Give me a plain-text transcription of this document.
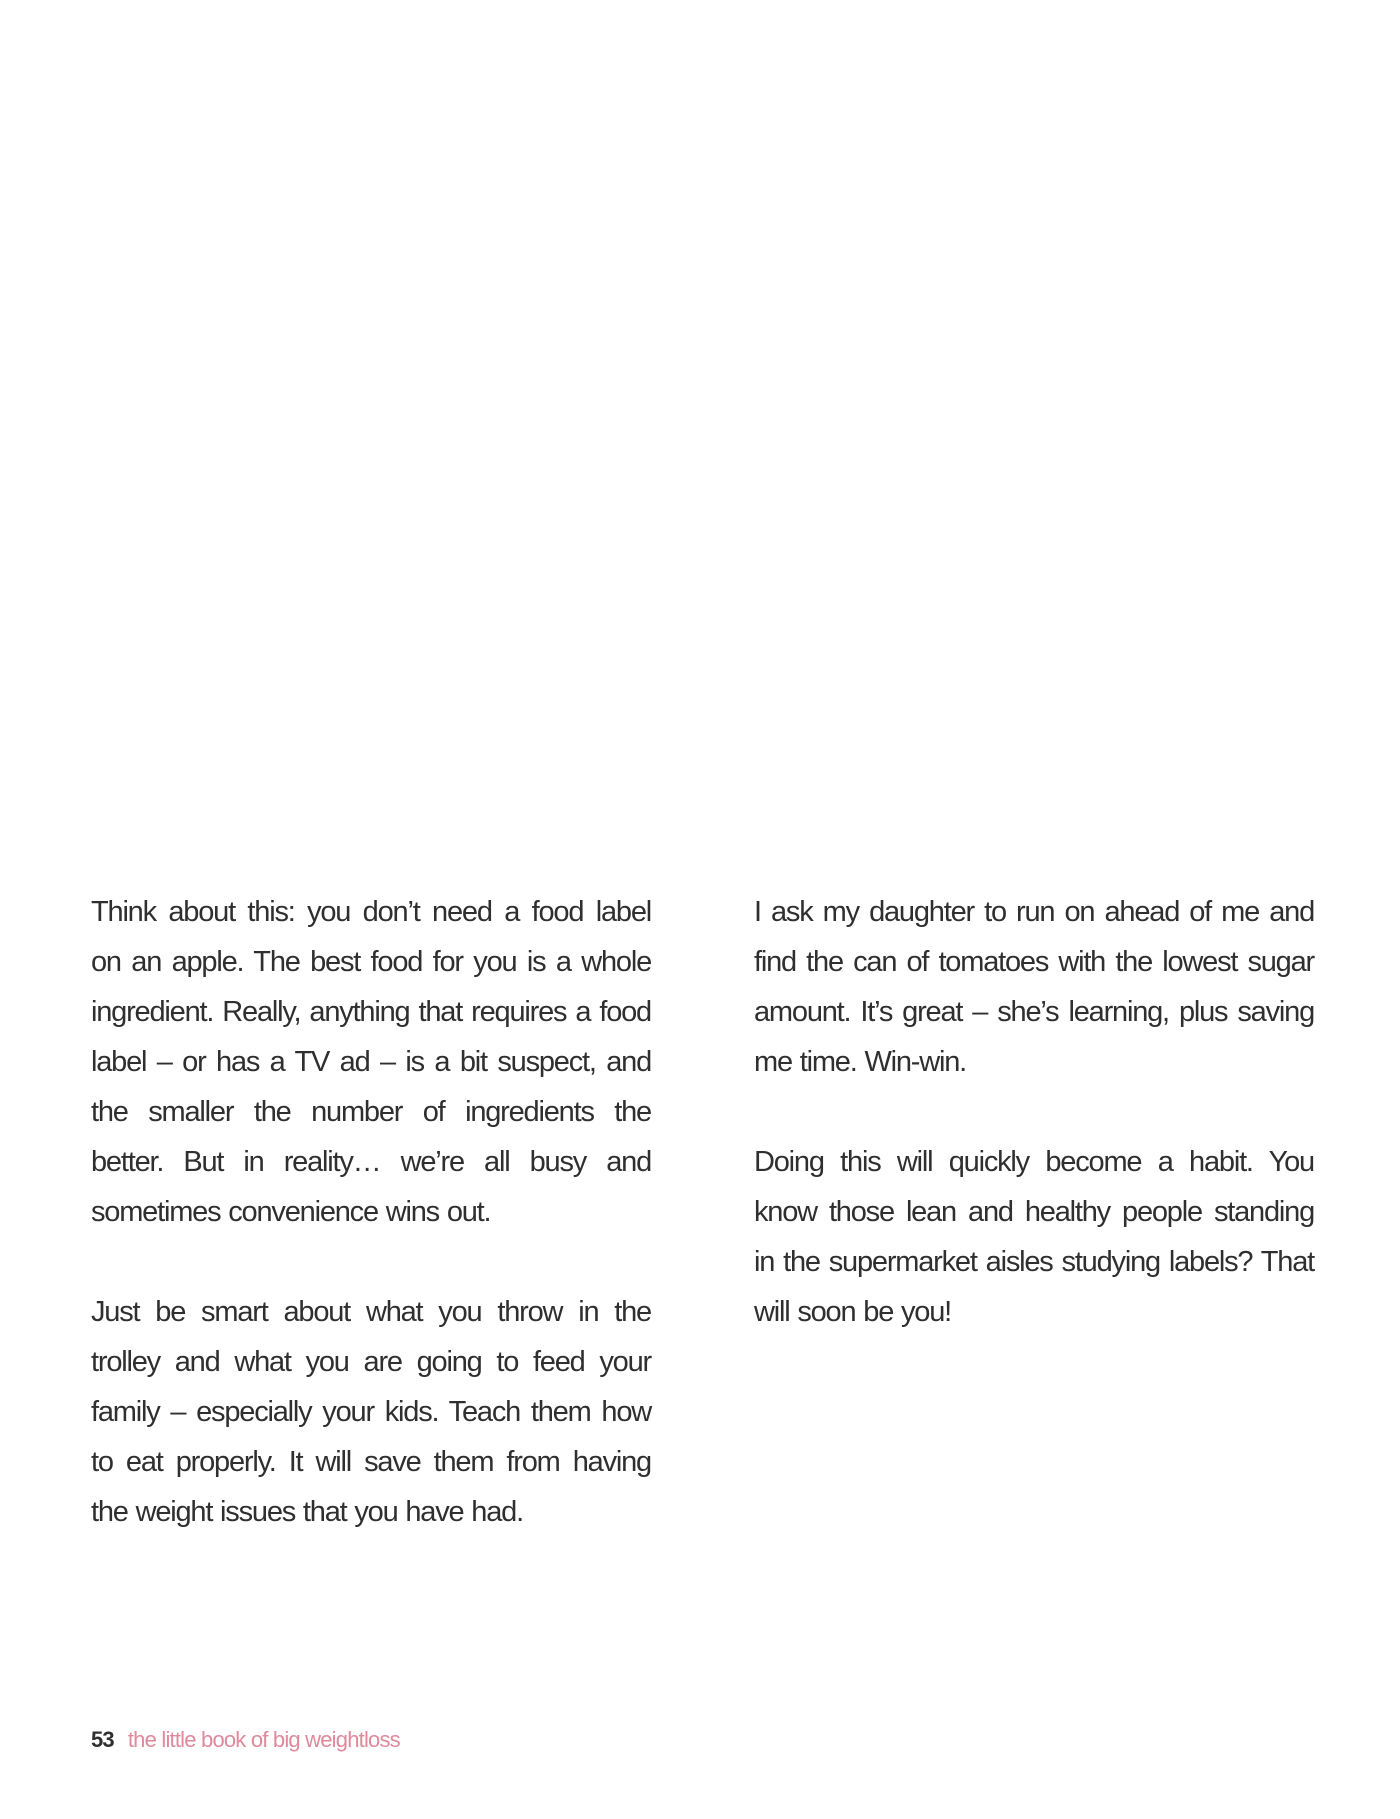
Think about this: you don’t need a food label on an apple. The best food for you is a whole ingredient. Really, anything that requires a food label – or has a TV ad – is a bit suspect, and the smaller the number of ingredients the better. But in reality… we’re all busy and sometimes convenience wins out.

Just be smart about what you throw in the trolley and what you are going to feed your family – especially your kids. Teach them how to eat properly. It will save them from having the weight issues that you have had.

I ask my daughter to run on ahead of me and find the can of tomatoes with the lowest sugar amount. It’s great – she’s learning, plus saving me time. Win-win.

Doing this will quickly become a habit. You know those lean and healthy people standing in the supermarket aisles studying labels? That will soon be you!

53 the little book of big weightloss
